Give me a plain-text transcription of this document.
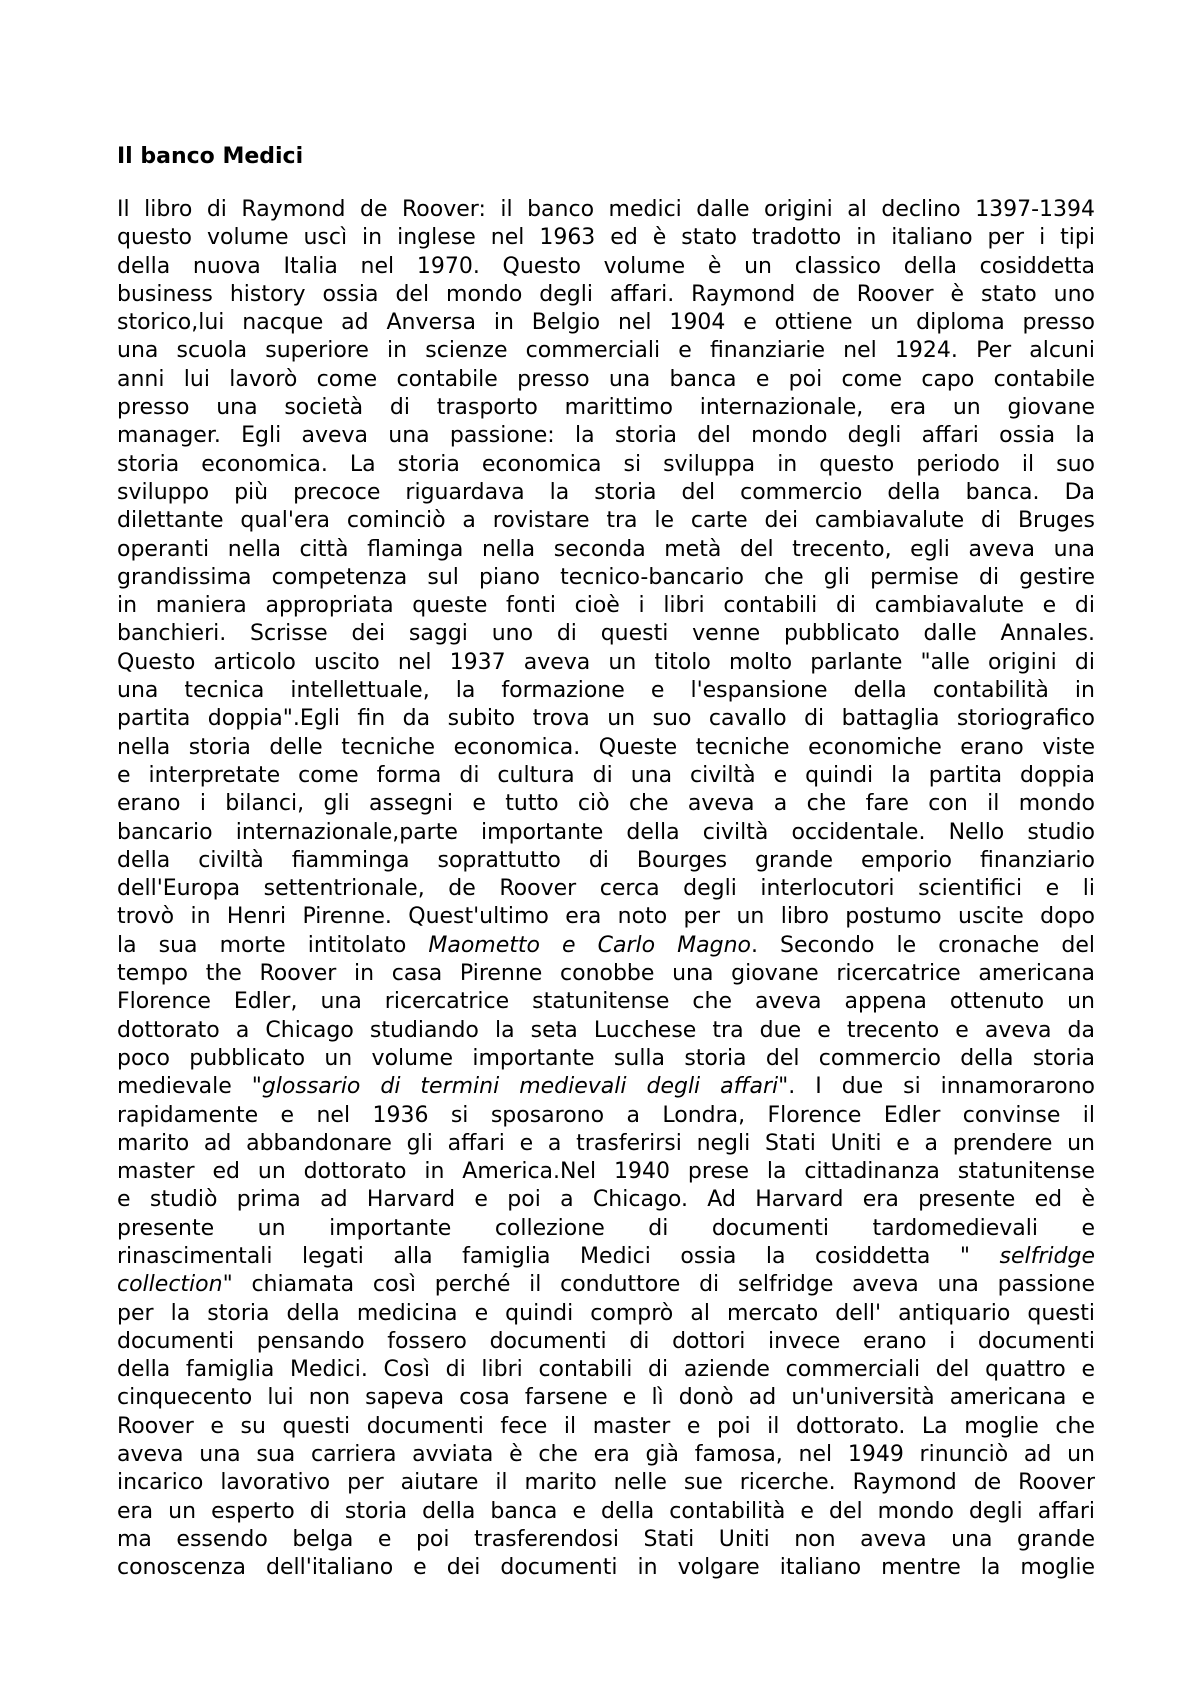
Il banco Medici
Il libro di Raymond de Roover: il banco medici dalle origini al declino 1397-1394
questo volume uscì in inglese nel 1963 ed è stato tradotto in italiano per i tipi
della nuova Italia nel 1970. Questo volume è un classico della cosiddetta
business history ossia del mondo degli affari. Raymond de Roover è stato uno
storico,lui nacque ad Anversa in Belgio nel 1904 e ottiene un diploma presso
una scuola superiore in scienze commerciali e finanziarie nel 1924. Per alcuni
anni lui lavorò come contabile presso una banca e poi come capo contabile
presso una società di trasporto marittimo internazionale, era un giovane
manager. Egli aveva una passione: la storia del mondo degli affari ossia la
storia economica. La storia economica si sviluppa in questo periodo il suo
sviluppo più precoce riguardava la storia del commercio della banca. Da
dilettante qual'era cominciò a rovistare tra le carte dei cambiavalute di Bruges
operanti nella città flaminga nella seconda metà del trecento, egli aveva una
grandissima competenza sul piano tecnico-bancario che gli permise di gestire
in maniera appropriata queste fonti cioè i libri contabili di cambiavalute e di
banchieri. Scrisse dei saggi uno di questi venne pubblicato dalle Annales.
Questo articolo uscito nel 1937 aveva un titolo molto parlante "alle origini di
una tecnica intellettuale, la formazione e l'espansione della contabilità in
partita doppia".Egli fin da subito trova un suo cavallo di battaglia storiografico
nella storia delle tecniche economica. Queste tecniche economiche erano viste
e interpretate come forma di cultura di una civiltà e quindi la partita doppia
erano i bilanci, gli assegni e tutto ciò che aveva a che fare con il mondo
bancario internazionale,parte importante della civiltà occidentale. Nello studio
della civiltà fiamminga soprattutto di Bourges grande emporio finanziario
dell'Europa settentrionale, de Roover cerca degli interlocutori scientifici e li
trovò in Henri Pirenne. Quest'ultimo era noto per un libro postumo uscite dopo
la sua morte intitolato Maometto e Carlo Magno. Secondo le cronache del
tempo the Roover in casa Pirenne conobbe una giovane ricercatrice americana
Florence Edler, una ricercatrice statunitense che aveva appena ottenuto un
dottorato a Chicago studiando la seta Lucchese tra due e trecento e aveva da
poco pubblicato un volume importante sulla storia del commercio della storia
medievale "glossario di termini medievali degli affari". I due si innamorarono
rapidamente e nel 1936 si sposarono a Londra, Florence Edler convinse il
marito ad abbandonare gli affari e a trasferirsi negli Stati Uniti e a prendere un
master ed un dottorato in America.Nel 1940 prese la cittadinanza statunitense
e studiò prima ad Harvard e poi a Chicago. Ad Harvard era presente ed è
presente un importante collezione di documenti tardomedievali e
rinascimentali legati alla famiglia Medici ossia la cosiddetta " selfridge
collection" chiamata così perché il conduttore di selfridge aveva una passione
per la storia della medicina e quindi comprò al mercato dell' antiquario questi
documenti pensando fossero documenti di dottori invece erano i documenti
della famiglia Medici. Così di libri contabili di aziende commerciali del quattro e
cinquecento lui non sapeva cosa farsene e lì donò ad un'università americana e
Roover e su questi documenti fece il master e poi il dottorato. La moglie che
aveva una sua carriera avviata è che era già famosa, nel 1949 rinunciò ad un
incarico lavorativo per aiutare il marito nelle sue ricerche. Raymond de Roover
era un esperto di storia della banca e della contabilità e del mondo degli affari
ma essendo belga e poi trasferendosi Stati Uniti non aveva una grande
conoscenza dell'italiano e dei documenti in volgare italiano mentre la moglie
